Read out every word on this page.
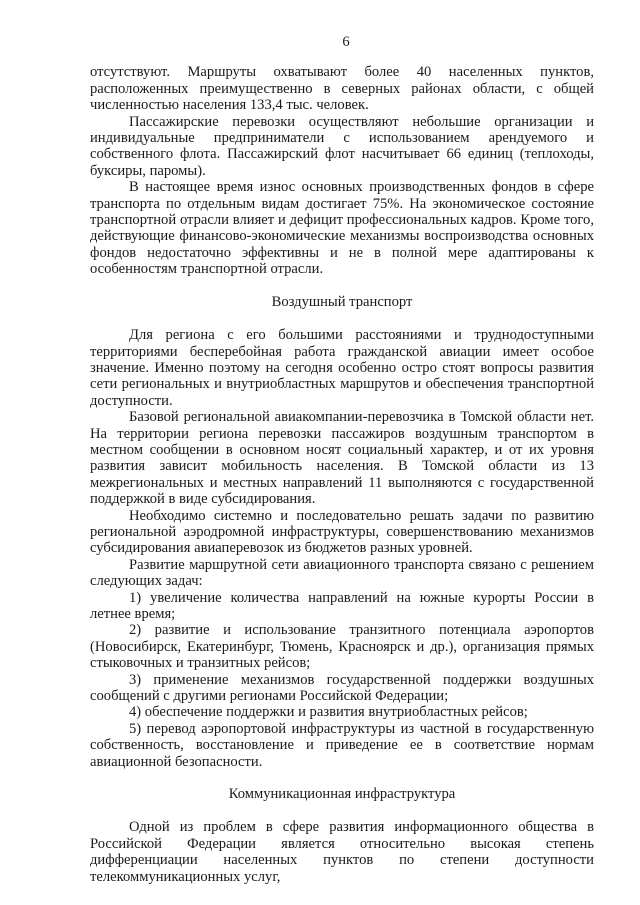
6

отсутствуют. Маршруты охватывают более 40 населенных пунктов, расположенных преимущественно в северных районах области, с общей численностью населения 133,4 тыс. человек.

Пассажирские перевозки осуществляют небольшие организации и индивидуальные предприниматели с использованием арендуемого и собственного флота. Пассажирский флот насчитывает 66 единиц (теплоходы, буксиры, паромы).

В настоящее время износ основных производственных фондов в сфере транспорта по отдельным видам достигает 75%. На экономическое состояние транспортной отрасли влияет и дефицит профессиональных кадров. Кроме того, действующие финансово-экономические механизмы воспроизводства основных фондов недостаточно эффективны и не в полной мере адаптированы к особенностям транспортной отрасли.

Воздушный транспорт

Для региона с его большими расстояниями и труднодоступными территориями бесперебойная работа гражданской авиации имеет особое значение. Именно поэтому на сегодня особенно остро стоят вопросы развития сети региональных и внутриобластных маршрутов и обеспечения транспортной доступности.

Базовой региональной авиакомпании-перевозчика в Томской области нет. На территории региона перевозки пассажиров воздушным транспортом в местном сообщении в основном носят социальный характер, и от их уровня развития зависит мобильность населения. В Томской области из 13 межрегиональных и местных направлений 11 выполняются с государственной поддержкой в виде субсидирования.

Необходимо системно и последовательно решать задачи по развитию региональной аэродромной инфраструктуры, совершенствованию механизмов субсидирования авиаперевозок из бюджетов разных уровней.

Развитие маршрутной сети авиационного транспорта связано с решением следующих задач:

1) увеличение количества направлений на южные курорты России в летнее время;

2) развитие и использование транзитного потенциала аэропортов (Новосибирск, Екатеринбург, Тюмень, Красноярск и др.), организация прямых стыковочных и транзитных рейсов;

3) применение механизмов государственной поддержки воздушных сообщений с другими регионами Российской Федерации;

4) обеспечение поддержки и развития внутриобластных рейсов;

5) перевод аэропортовой инфраструктуры из частной в государственную собственность, восстановление и приведение ее в соответствие нормам авиационной безопасности.

Коммуникационная инфраструктура

Одной из проблем в сфере развития информационного общества в Российской Федерации является относительно высокая степень дифференциации населенных пунктов по степени доступности телекоммуникационных услуг,
